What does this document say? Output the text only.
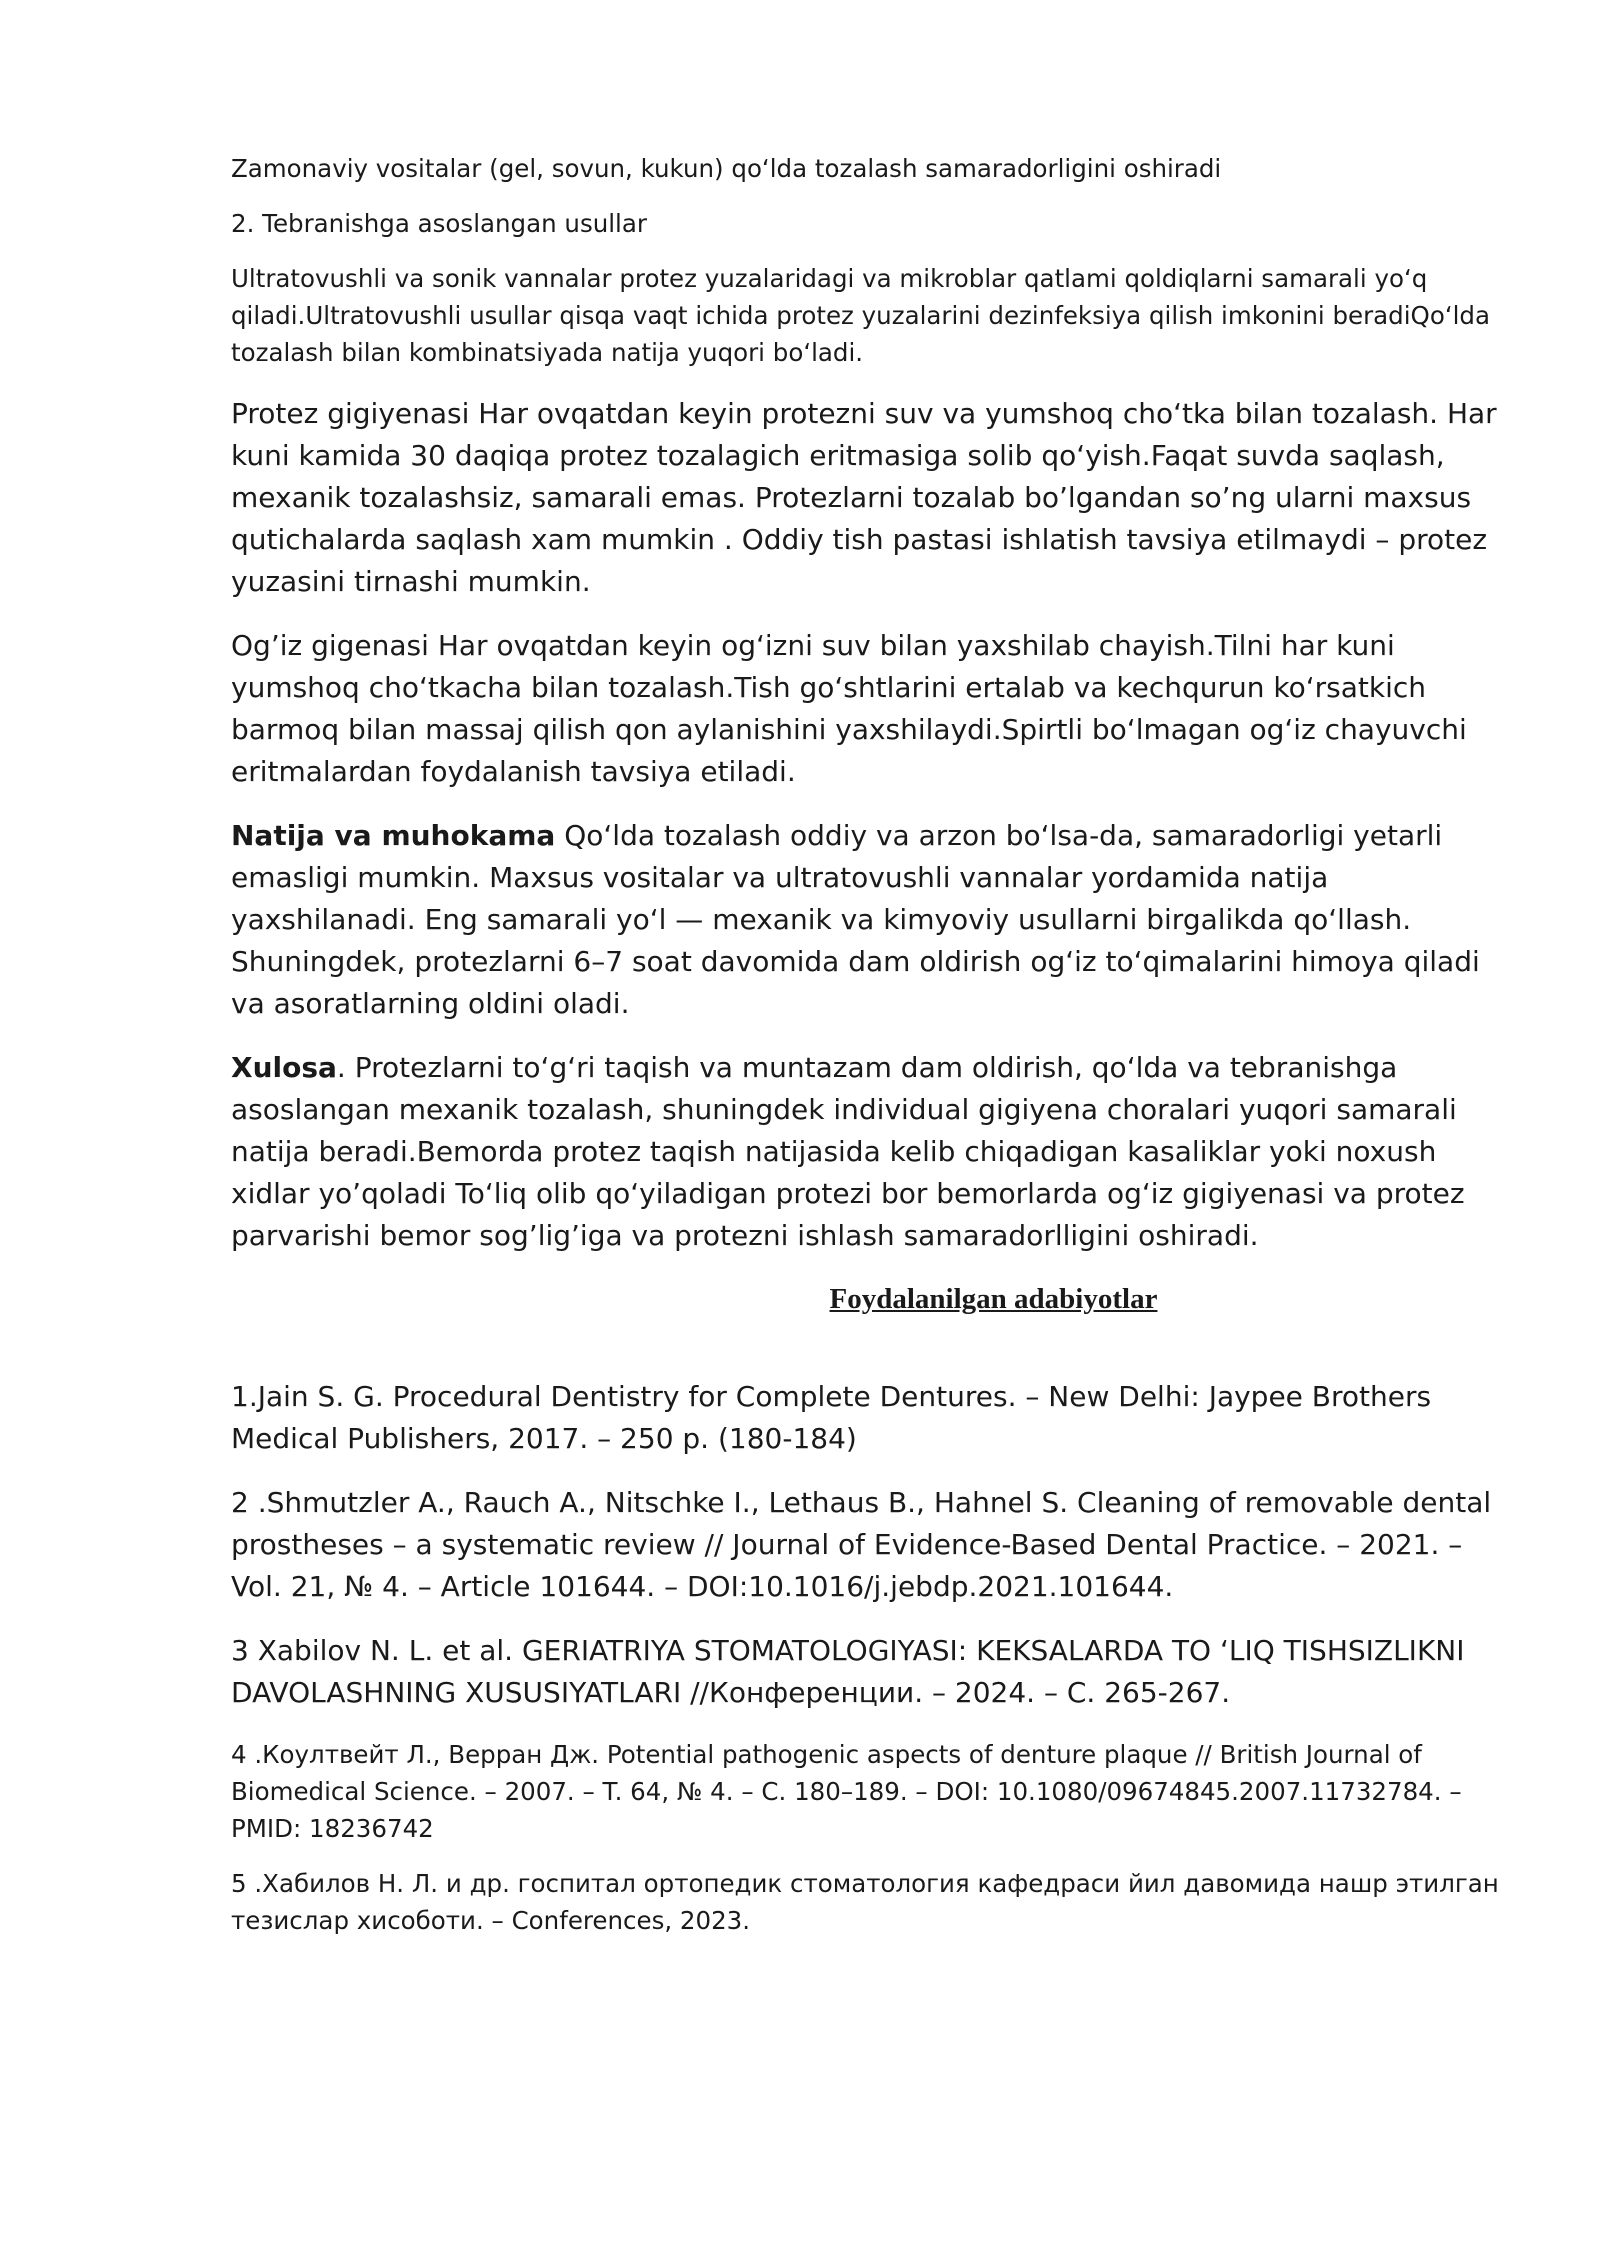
Zamonaviy vositalar (gel, sovun, kukun) qo‘lda tozalash samaradorligini oshiradi

2. Tebranishga asoslangan usullar

Ultratovushli va sonik vannalar protez yuzalaridagi va mikroblar qatlami qoldiqlarni samarali yo‘q qiladi.Ultratovushli usullar qisqa vaqt ichida protez yuzalarini dezinfeksiya qilish imkonini beradiQo‘lda tozalash bilan kombinatsiyada natija yuqori bo‘ladi.

Protez gigiyenasi Har ovqatdan keyin protezni suv va yumshoq cho‘tka bilan tozalash. Har kuni kamida 30 daqiqa protez tozalagich eritmasiga solib qo‘yish.Faqat suvda saqlash, mexanik tozalashsiz, samarali emas. Protezlarni tozalab bo’lgandan so’ng ularni maxsus qutichalarda saqlash xam mumkin . Oddiy tish pastasi ishlatish tavsiya etilmaydi – protez yuzasini tirnashi mumkin.

Og’iz gigenasi Har ovqatdan keyin og‘izni suv bilan yaxshilab chayish.Tilni har kuni yumshoq cho‘tkacha bilan tozalash.Tish go‘shtlarini ertalab va kechqurun ko‘rsatkich barmoq bilan massaj qilish qon aylanishini yaxshilaydi.Spirtli bo‘lmagan og‘iz chayuvchi eritmalardan foydalanish tavsiya etiladi.

Natija va muhokama Qo‘lda tozalash oddiy va arzon bo‘lsa-da, samaradorligi yetarli emasligi mumkin. Maxsus vositalar va ultratovushli vannalar yordamida natija yaxshilanadi. Eng samarali yo‘l — mexanik va kimyoviy usullarni birgalikda qo‘llash. Shuningdek, protezlarni 6–7 soat davomida dam oldirish og‘iz to‘qimalarini himoya qiladi va asoratlarning oldini oladi.

Xulosa. Protezlarni to‘g‘ri taqish va muntazam dam oldirish, qo‘lda va tebranishga asoslangan mexanik tozalash, shuningdek individual gigiyena choralari yuqori samarali natija beradi.Bemorda protez taqish natijasida kelib chiqadigan kasaliklar yoki noxush xidlar yo’qoladi To‘liq olib qo‘yiladigan protezi bor bemorlarda og‘iz gigiyenasi va protez parvarishi bemor sog’lig’iga va protezni ishlash samaradorlligini oshiradi.

Foydalanilgan adabiyotlar

1.Jain S. G. Procedural Dentistry for Complete Dentures. – New Delhi: Jaypee Brothers Medical Publishers, 2017. – 250 p. (180-184)

2 .Shmutzler A., Rauch A., Nitschke I., Lethaus B., Hahnel S. Cleaning of removable dental prostheses – a systematic review // Journal of Evidence-Based Dental Practice. – 2021. – Vol. 21, № 4. – Article 101644. – DOI:10.1016/j.jebdp.2021.101644.

3 Xabilov N. L. et al. GERIATRIYA STOMATOLOGIYASI: KEKSALARDA TO ‘LIQ TISHSIZLIKNI DAVOLASHNING XUSUSIYATLARI //Конференции. – 2024. – С. 265-267.

4 .Коултвейт Л., Верран Дж. Potential pathogenic aspects of denture plaque // British Journal of Biomedical Science. – 2007. – T. 64, № 4. – C. 180–189. – DOI: 10.1080/09674845.2007.11732784. – PMID: 18236742

5 .Хабилов Н. Л. и др. госпитал ортопедик стоматология кафедраси йил давомида нашр этилган тезислар хисоботи. – Conferences, 2023.
